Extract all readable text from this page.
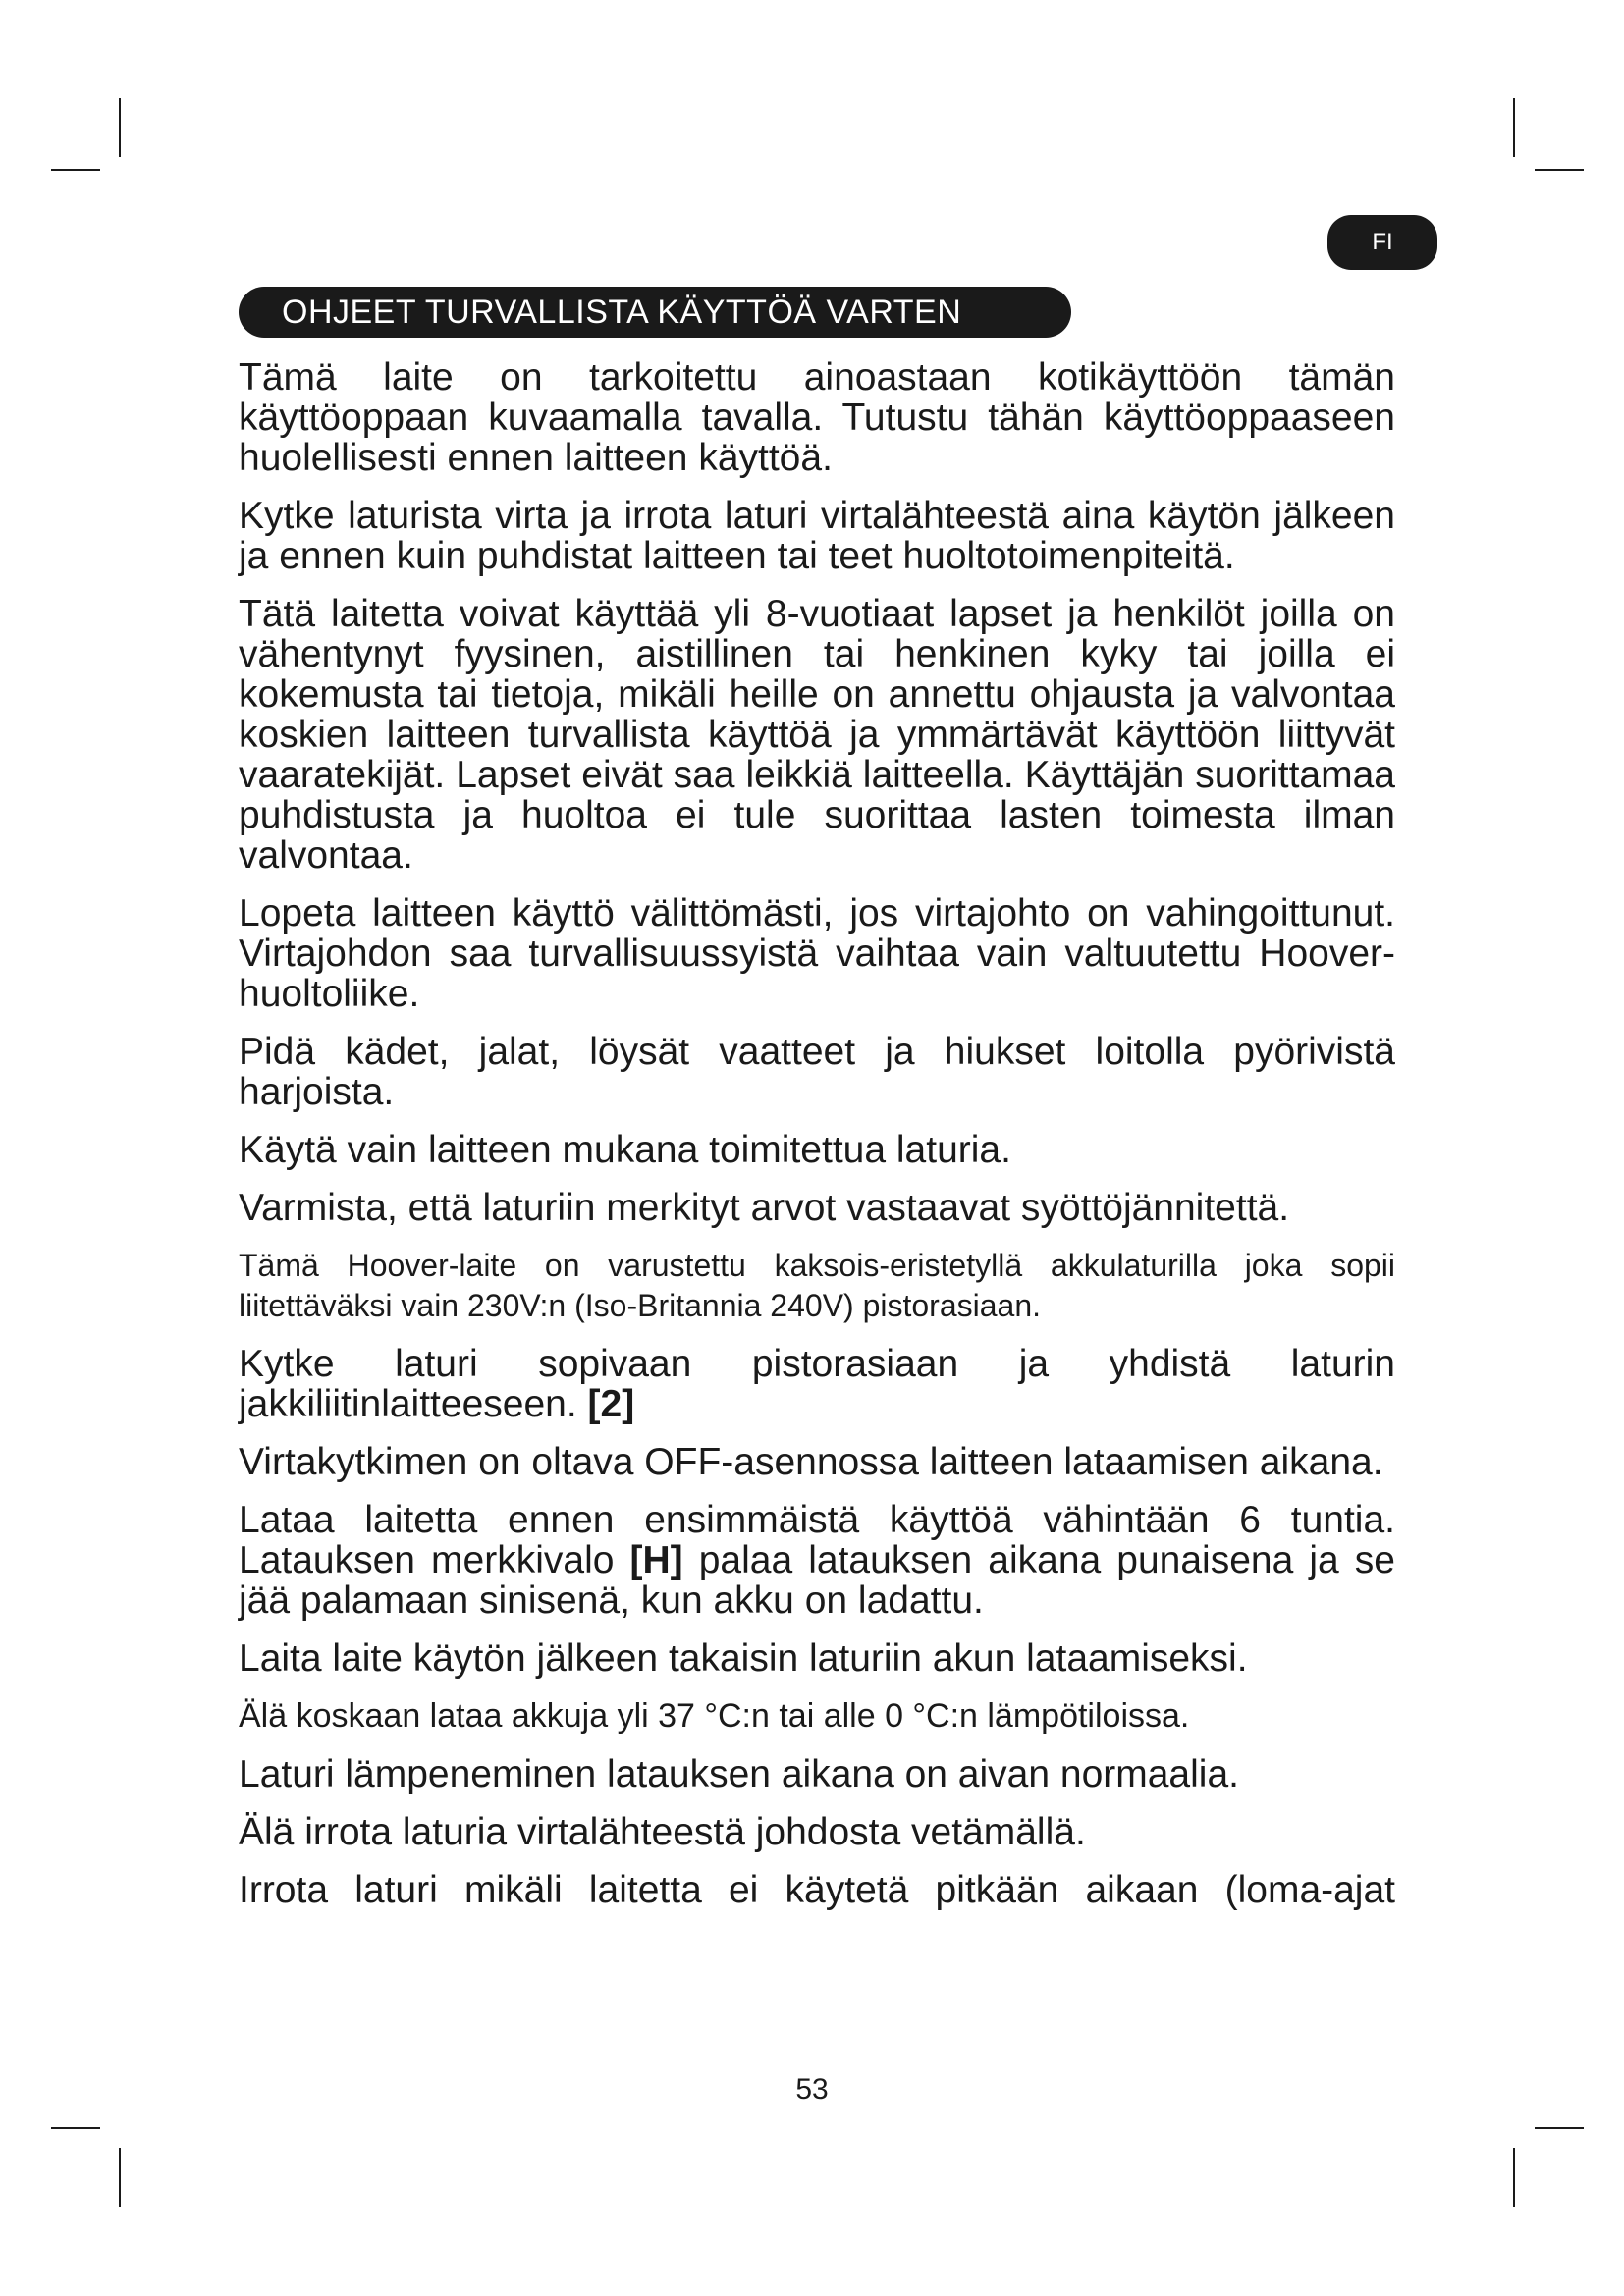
FI
OHJEET TURVALLISTA KÄYTTÖÄ VARTEN

Tämä laite on tarkoitettu ainoastaan kotikäyttöön tämän käyttöoppaan kuvaamalla tavalla. Tutustu tähän käyttöoppaaseen huolellisesti ennen laitteen käyttöä.

Kytke laturista virta ja irrota laturi virtalähteestä aina käytön jälkeen ja ennen kuin puhdistat laitteen tai teet huoltotoimenpiteitä.

Tätä laitetta voivat käyttää yli 8-vuotiaat lapset ja henkilöt joilla on vähentynyt fyysinen, aistillinen tai henkinen kyky tai joilla ei kokemusta tai tietoja, mikäli heille on annettu ohjausta ja valvontaa koskien laitteen turvallista käyttöä ja ymmärtävät käyttöön liittyvät vaaratekijät. Lapset eivät saa leikkiä laitteella. Käyttäjän suorittamaa puhdistusta ja huoltoa ei tule suorittaa lasten toimesta ilman valvontaa.

Lopeta laitteen käyttö välittömästi, jos virtajohto on vahingoittunut. Virtajohdon saa turvallisuussyistä vaihtaa vain valtuutettu Hoover-huoltoliike.

Pidä kädet, jalat, löysät vaatteet ja hiukset loitolla pyörivistä harjoista.

Käytä vain laitteen mukana toimitettua laturia.

Varmista, että laturiin merkityt arvot vastaavat syöttöjännitettä.

Tämä Hoover-laite on varustettu kaksois-eristetyllä akkulaturilla joka sopii liitettäväksi vain 230V:n (Iso-Britannia 240V) pistorasiaan.

Kytke laturi sopivaan pistorasiaan ja yhdistä laturin jakkiliitinlaitteeseen. [2]

Virtakytkimen on oltava OFF-asennossa laitteen lataamisen aikana.

Lataa laitetta ennen ensimmäistä käyttöä vähintään 6 tuntia. Latauksen merkkivalo [H] palaa latauksen aikana punaisena ja se jää palamaan sinisenä, kun akku on ladattu.

Laita laite käytön jälkeen takaisin laturiin akun lataamiseksi.

Älä koskaan lataa akkuja yli 37 °C:n tai alle 0 °C:n lämpötiloissa.

Laturi lämpeneminen latauksen aikana on aivan normaalia.

Älä irrota laturia virtalähteestä johdosta vetämällä.

Irrota laturi mikäli laitetta ei käytetä pitkään aikaan (loma-ajat

53
